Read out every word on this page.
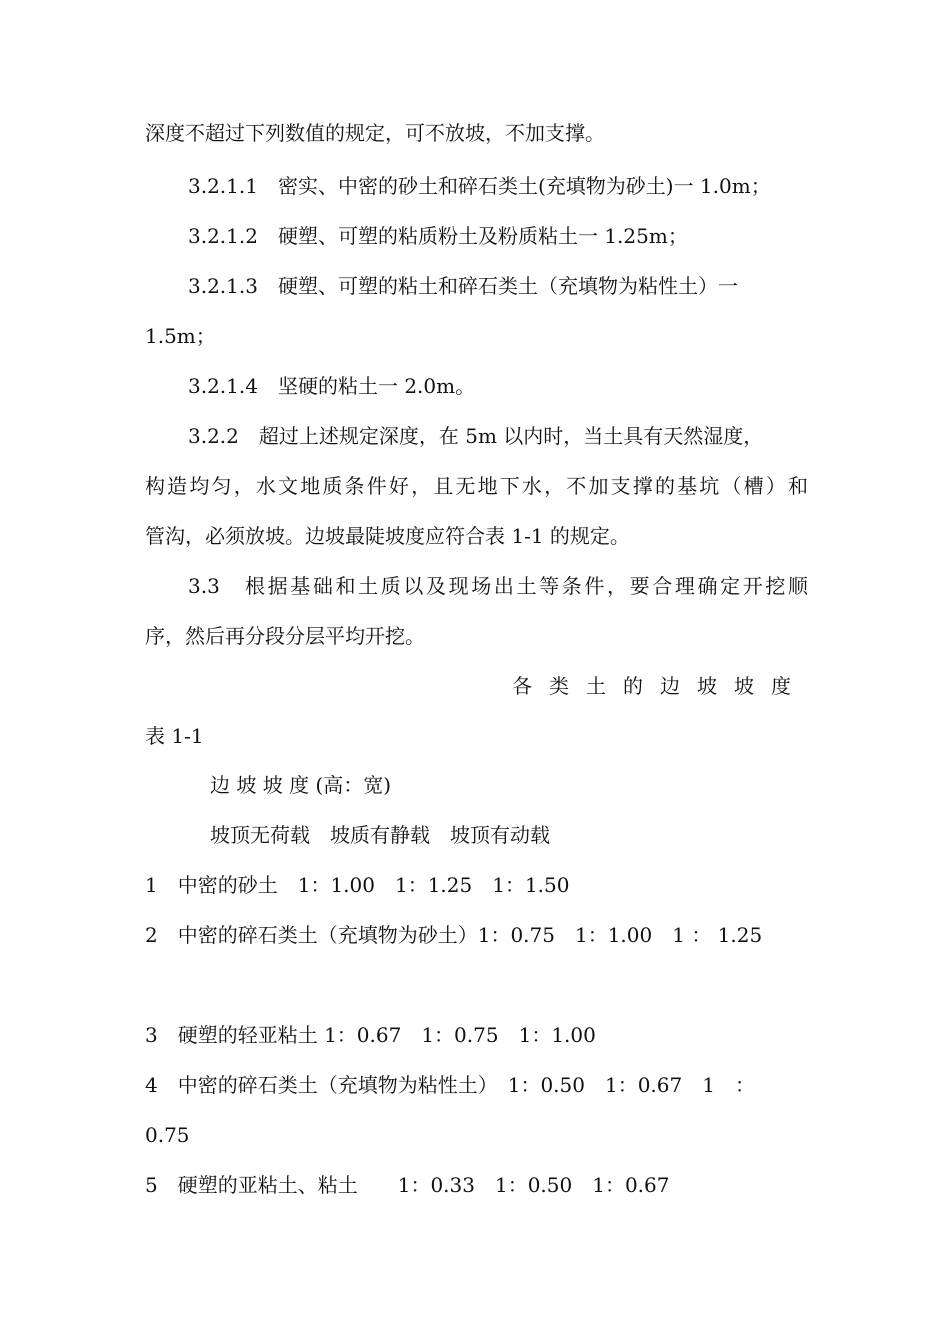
深度不超过下列数值的规定，可不放坡，不加支撑。
3.2.1.1　密实、中密的砂土和碎石类土(充填物为砂土)一 1.0m；
3.2.1.2　硬塑、可塑的粘质粉土及粉质粘土一 1.25m；
3.2.1.3　硬塑、可塑的粘土和碎石类土（充填物为粘性土）一
1.5m；
3.2.1.4　坚硬的粘土一 2.0m。
3.2.2　超过上述规定深度，在 5m 以内时，当土具有天然湿度，
构造均匀，水文地质条件好，且无地下水，不加支撑的基坑（槽）和
管沟，必须放坡。边坡最陡坡度应符合表 1-1 的规定。
3.3　根据基础和土质以及现场出土等条件，要合理确定开挖顺
序，然后再分段分层平均开挖。
各类土的边坡坡度
表 1-1
边 坡 坡 度 (高：宽)
坡顶无荷载　坡质有静载　坡顶有动载
1　中密的砂土　1：1.00　1：1.25　1：1.50
2　中密的碎石类土（充填物为砂土）1：0.75　1：1.00　1 ： 1.25
3　硬塑的轻亚粘土 1：0.67　1：0.75　1：1.00
4　中密的碎石类土（充填物为粘性土）　1：0.50　1：0.67　1　：
0.75
5　硬塑的亚粘土、粘土　　1：0.33　1：0.50　1：0.67
